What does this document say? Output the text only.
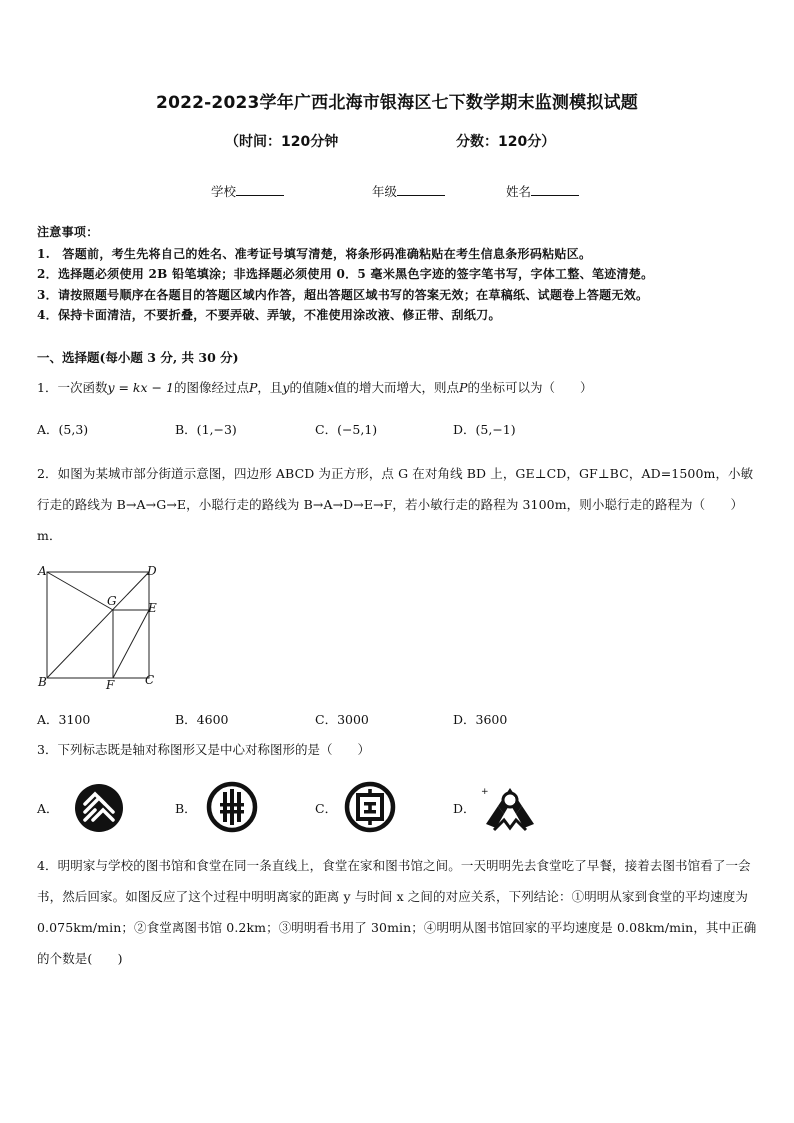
2022-2023学年广西北海市银海区七下数学期末监测模拟试题
（时间：120分钟	分数：120分）
学校	年级	姓名
注意事项：
1.　答题前，考生先将自己的姓名、准考证号填写清楚，将条形码准确粘贴在考生信息条形码粘贴区。
2．选择题必须使用 2B 铅笔填涂；非选择题必须使用 0．5 毫米黑色字迹的签字笔书写，字体工整、笔迹清楚。
3．请按照题号顺序在各题目的答题区域内作答，超出答题区域书写的答案无效；在草稿纸、试题卷上答题无效。
4．保持卡面清洁，不要折叠，不要弄破、弄皱，不准使用涂改液、修正带、刮纸刀。
一、选择题(每小题 3 分, 共 30 分)
1．一次函数y = kx − 1的图像经过点P，且y的值随x值的增大而增大，则点P的坐标可以为（　　）
A．(5,3)	B．(1,−3)	C．(−5,1)	D．(5,−1)
2．如图为某城市部分街道示意图，四边形 ABCD 为正方形，点 G 在对角线 BD 上，GE⊥CD，GF⊥BC，AD=1500m，小敏行走的路线为 B→A→G→E，小聪行走的路线为 B→A→D→E→F，若小敏行走的路程为 3100m，则小聪行走的路程为（　　）m．
A	D
G	E
B	F	C
A．3100	B．4600	C．3000	D．3600
3．下列标志既是轴对称图形又是中心对称图形的是（　　）
A．	B．	C．	D．
+
4．明明家与学校的图书馆和食堂在同一条直线上，食堂在家和图书馆之间。一天明明先去食堂吃了早餐，接着去图书馆看了一会书，然后回家。如图反应了这个过程中明明离家的距离 y 与时间 x 之间的对应关系，下列结论：①明明从家到食堂的平均速度为 0.075km/min；②食堂离图书馆 0.2km；③明明看书用了 30min；④明明从图书馆回家的平均速度是 0.08km/min，其中正确的个数是(　　)
